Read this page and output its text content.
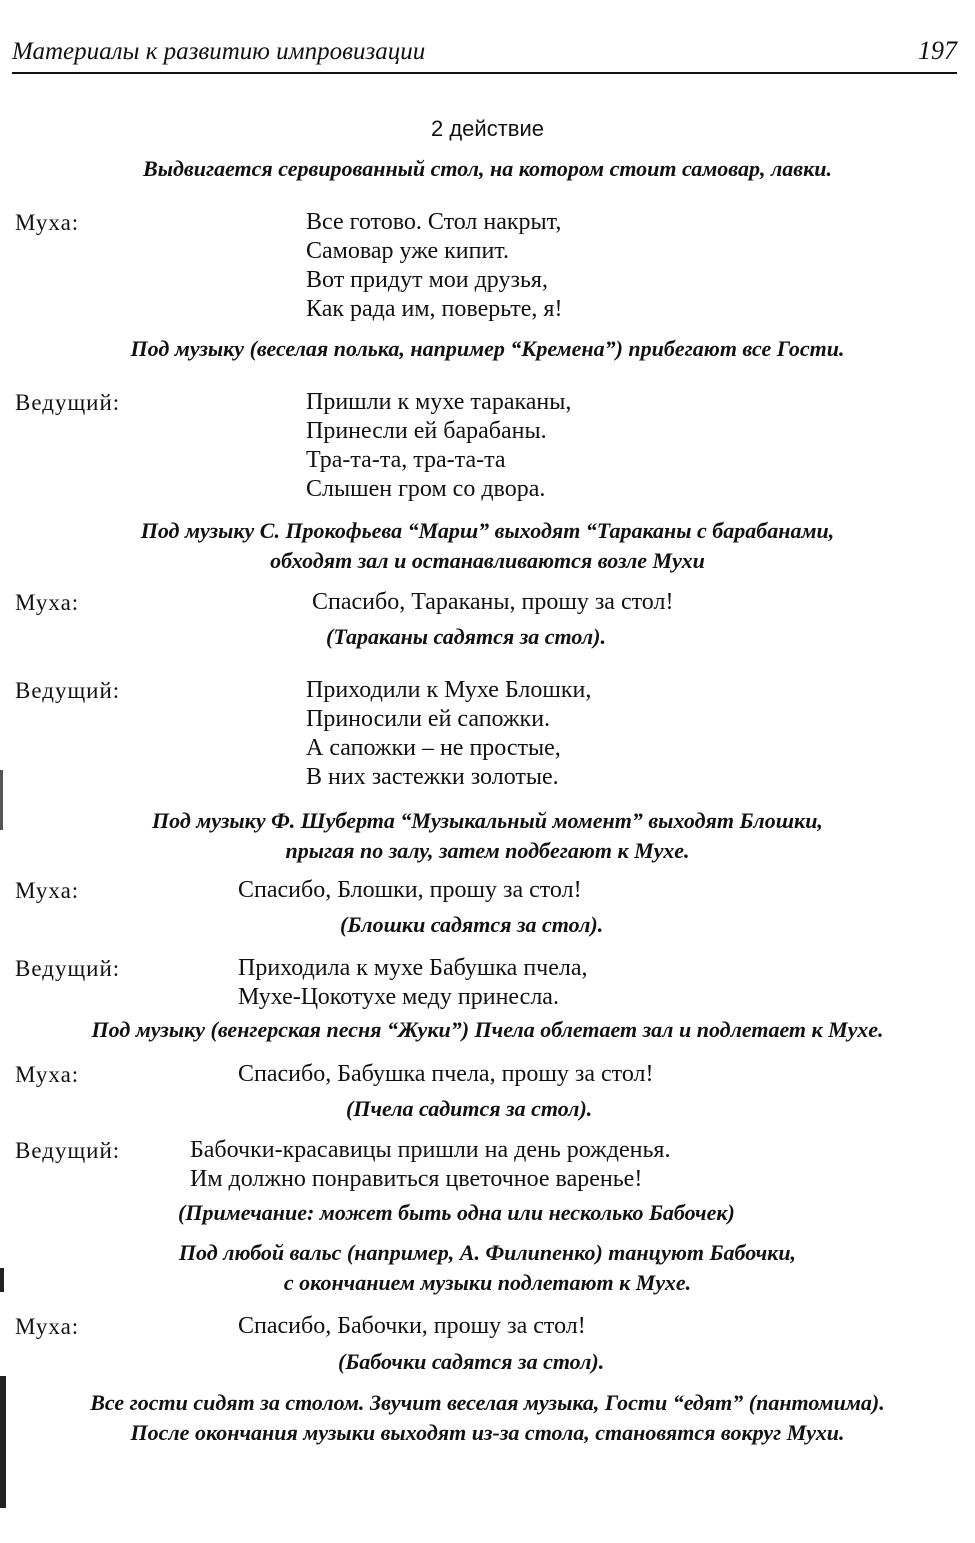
Материалы к развитию импровизации	197
2 действие
Выдвигается сервированный стол, на котором стоит самовар, лавки.
Муха:	Все готово. Стол накрыт,
Самовар уже кипит.
Вот придут мои друзья,
Как рада им, поверьте, я!
Под музыку (веселая полька, например “Кремена”) прибегают все Гости.
Ведущий:	Пришли к мухе тараканы,
Принесли ей барабаны.
Тра-та-та, тра-та-та
Слышен гром со двора.
Под музыку С. Прокофьева “Марш” выходят “Тараканы с барабанами,
обходят зал и останавливаются возле Мухи
Муха:	Спасибо, Тараканы, прошу за стол!
(Тараканы садятся за стол).
Ведущий:	Приходили к Мухе Блошки,
Приносили ей сапожки.
А сапожки – не простые,
В них застежки золотые.
Под музыку Ф. Шуберта “Музыкальный момент” выходят Блошки,
прыгая по залу, затем подбегают к Мухе.
Муха:	Спасибо, Блошки, прошу за стол!
(Блошки садятся за стол).
Ведущий:	Приходила к мухе Бабушка пчела,
Мухе-Цокотухе меду принесла.
Под музыку (венгерская песня “Жуки”) Пчела облетает зал и подлетает к Мухе.
Муха:	Спасибо, Бабушка пчела, прошу за стол!
(Пчела садится за стол).
Ведущий:	Бабочки-красавицы пришли на день рожденья.
Им должно понравиться цветочное варенье!
(Примечание: может быть одна или несколько Бабочек)
Под любой вальс (например, А. Филипенко) танцуют Бабочки,
с окончанием музыки подлетают к Мухе.
Муха:	Спасибо, Бабочки, прошу за стол!
(Бабочки садятся за стол).
Все гости сидят за столом. Звучит веселая музыка, Гости “едят” (пантомима).
После окончания музыки выходят из-за стола, становятся вокруг Мухи.
